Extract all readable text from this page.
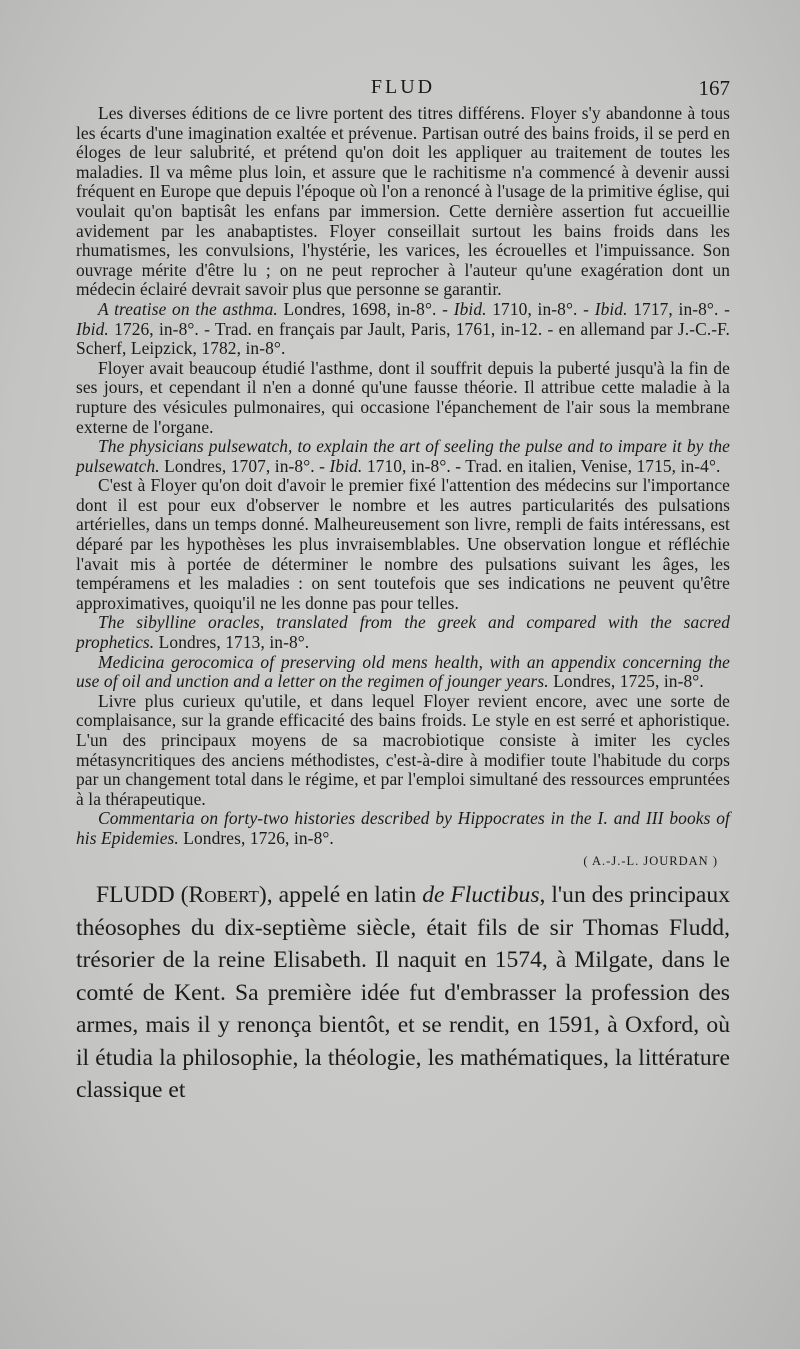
FLUD	167

Les diverses éditions de ce livre portent des titres différens. Floyer s'y abandonne à tous les écarts d'une imagination exaltée et prévenue. Partisan outré des bains froids, il se perd en éloges de leur salubrité, et prétend qu'on doit les appliquer au traitement de toutes les maladies. Il va même plus loin, et assure que le rachitisme n'a commencé à devenir aussi fréquent en Europe que depuis l'époque où l'on a renoncé à l'usage de la primitive église, qui voulait qu'on baptisât les enfans par immersion. Cette dernière assertion fut accueillie avidement par les anabaptistes. Floyer conseillait surtout les bains froids dans les rhumatismes, les convulsions, l'hystérie, les varices, les écrouelles et l'impuissance. Son ouvrage mérite d'être lu ; on ne peut reprocher à l'auteur qu'une exagération dont un médecin éclairé devrait savoir plus que personne se garantir.

A treatise on the asthma. Londres, 1698, in-8°. - Ibid. 1710, in-8°. - Ibid. 1717, in-8°. - Ibid. 1726, in-8°. - Trad. en français par Jault, Paris, 1761, in-12. - en allemand par J.-C.-F. Scherf, Leipzick, 1782, in-8°.

Floyer avait beaucoup étudié l'asthme, dont il souffrit depuis la puberté jusqu'à la fin de ses jours, et cependant il n'en a donné qu'une fausse théorie. Il attribue cette maladie à la rupture des vésicules pulmonaires, qui occasione l'épanchement de l'air sous la membrane externe de l'organe.

The physicians pulsewatch, to explain the art of seeling the pulse and to impare it by the pulsewatch. Londres, 1707, in-8°. - Ibid. 1710, in-8°. - Trad. en italien, Venise, 1715, in-4°.

C'est à Floyer qu'on doit d'avoir le premier fixé l'attention des médecins sur l'importance dont il est pour eux d'observer le nombre et les autres particularités des pulsations artérielles, dans un temps donné. Malheureusement son livre, rempli de faits intéressans, est déparé par les hypothèses les plus invraisemblables. Une observation longue et réfléchie l'avait mis à portée de déterminer le nombre des pulsations suivant les âges, les tempéramens et les maladies : on sent toutefois que ses indications ne peuvent qu'être approximatives, quoiqu'il ne les donne pas pour telles.

The sibylline oracles, translated from the greek and compared with the sacred prophetics. Londres, 1713, in-8°.

Medicina gerocomica of preserving old mens health, with an appendix concerning the use of oil and unction and a letter on the regimen of jounger years. Londres, 1725, in-8°.

Livre plus curieux qu'utile, et dans lequel Floyer revient encore, avec une sorte de complaisance, sur la grande efficacité des bains froids. Le style en est serré et aphoristique. L'un des principaux moyens de sa macrobiotique consiste à imiter les cycles métasyncritiques des anciens méthodistes, c'est-à-dire à modifier toute l'habitude du corps par un changement total dans le régime, et par l'emploi simultané des ressources empruntées à la thérapeutique.

Commentaria on forty-two histories described by Hippocrates in the I. and III books of his Epidemies. Londres, 1726, in-8°.

( A.-J.-L. JOURDAN )

FLUDD (Robert), appelé en latin de Fluctibus, l'un des principaux théosophes du dix-septième siècle, était fils de sir Thomas Fludd, trésorier de la reine Elisabeth. Il naquit en 1574, à Milgate, dans le comté de Kent. Sa première idée fut d'embrasser la profession des armes, mais il y renonça bientôt, et se rendit, en 1591, à Oxford, où il étudia la philosophie, la théologie, les mathématiques, la littérature classique et
